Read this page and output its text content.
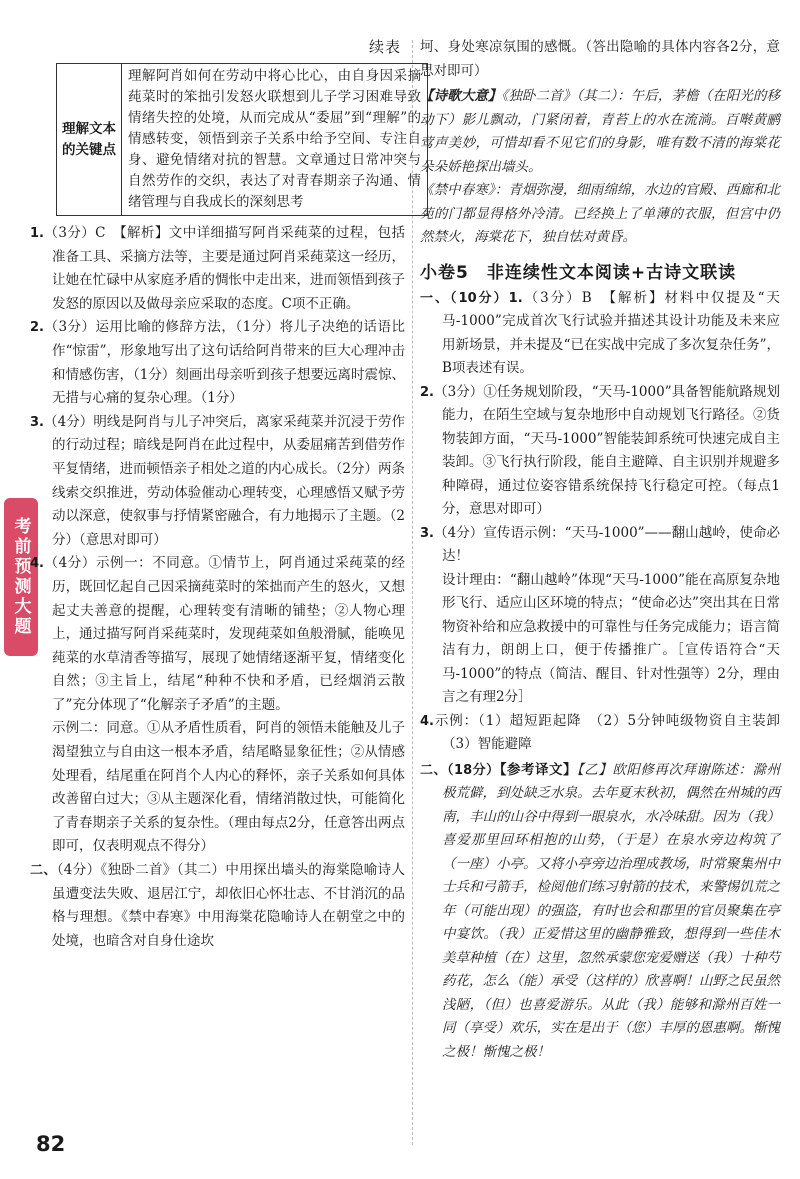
考前预测大题
续表
理解文本的关键点	理解阿肖如何在劳动中将心比心，由自身因采摘莼菜时的笨拙引发怒火联想到儿子学习困难导致情绪失控的处境，从而完成从“委屈”到“理解”的情感转变，领悟到亲子关系中给予空间、专注自身、避免情绪对抗的智慧。文章通过日常冲突与自然劳作的交织，表达了对青春期亲子沟通、情绪管理与自我成长的深刻思考

1.（3分）C　【解析】文中详细描写阿肖采莼菜的过程，包括准备工具、采摘方法等，主要是通过阿肖采莼菜这一经历，让她在忙碌中从家庭矛盾的惆怅中走出来，进而领悟到孩子发怒的原因以及做母亲应采取的态度。C项不正确。

2.（3分）运用比喻的修辞方法，（1分）将儿子决绝的话语比作“惊雷”，形象地写出了这句话给阿肖带来的巨大心理冲击和情感伤害，（1分）刻画出母亲听到孩子想要远离时震惊、无措与心痛的复杂心理。（1分）

3.（4分）明线是阿肖与儿子冲突后，离家采莼菜并沉浸于劳作的行动过程；暗线是阿肖在此过程中，从委屈痛苦到借劳作平复情绪，进而顿悟亲子相处之道的内心成长。（2分）两条线索交织推进，劳动体验催动心理转变，心理感悟又赋予劳动以深意，使叙事与抒情紧密融合，有力地揭示了主题。（2分）（意思对即可）

4.（4分）示例一：不同意。①情节上，阿肖通过采莼菜的经历，既回忆起自己因采摘莼菜时的笨拙而产生的怒火，又想起丈夫善意的提醒，心理转变有清晰的铺垫；②人物心理上，通过描写阿肖采莼菜时，发现莼菜如鱼般滑腻，能唤见莼菜的水草清香等描写，展现了她情绪逐渐平复，情绪变化自然；③主旨上，结尾“种种不快和矛盾，已经烟消云散了”充分体现了“化解亲子矛盾”的主题。

示例二：同意。①从矛盾性质看，阿肖的领悟未能触及儿子渴望独立与自由这一根本矛盾，结尾略显象征性；②从情感处理看，结尾重在阿肖个人内心的释怀，亲子关系如何具体改善留白过大；③从主题深化看，情绪消散过快，可能简化了青春期亲子关系的复杂性。（理由每点2分，任意答出两点即可，仅表明观点不得分）

二、（4分）《独卧二首》（其二）中用探出墙头的海棠隐喻诗人虽遭变法失败、退居江宁，却依旧心怀壮志、不甘消沉的品格与理想。《禁中春寒》中用海棠花隐喻诗人在朝堂之中的处境，也暗含对自身仕途坎

坷、身处寒凉氛围的感慨。（答出隐喻的具体内容各2分，意思对即可）

【诗歌大意】《独卧二首》（其二）：午后，茅檐（在阳光的移动下）影儿飘动，门紧闭着，青苔上的水在流淌。百啭黄鹂莺声美妙，可惜却看不见它们的身影，唯有数不清的海棠花朵朵娇艳探出墙头。

《禁中春寒》：青烟弥漫，细雨绵绵，水边的官殿、西廊和北苑的门都显得格外冷清。已经换上了单薄的衣服，但宫中仍然禁火，海棠花下，独自怯对黄昏。

小卷5　非连续性文本阅读+古诗文联读

一、（10分）1.（3分）B　【解析】材料中仅提及“天马-1000”完成首次飞行试验并描述其设计功能及未来应用新场景，并未提及“已在实战中完成了多次复杂任务”，B项表述有误。

2.（3分）①任务规划阶段，“天马-1000”具备智能航路规划能力，在陌生空域与复杂地形中自动规划飞行路径。②货物装卸方面，“天马-1000”智能装卸系统可快速完成自主装卸。③飞行执行阶段，能自主避障、自主识别并规避多种障碍，通过位姿容错系统保持飞行稳定可控。（每点1分，意思对即可）

3.（4分）宣传语示例：“天马-1000”——翻山越岭，使命必达！

设计理由：“翻山越岭”体现“天马-1000”能在高原复杂地形飞行、适应山区环境的特点；“使命必达”突出其在日常物资补给和应急救援中的可靠性与任务完成能力；语言简洁有力，朗朗上口，便于传播推广。［宣传语符合“天马-1000”的特点（简洁、醒目、针对性强等）2分，理由言之有理2分］

4.示例：（1）超短距起降　（2）5分钟吨级物资自主装卸　（3）智能避障

二、（18分）【参考译文】【乙】欧阳修再次拜谢陈述：滁州极荒僻，到处缺乏水泉。去年夏末秋初，偶然在州城的西南，丰山的山谷中得到一眼泉水，水冷味甜。因为（我）喜爱那里回环相抱的山势，（于是）在泉水旁边构筑了（一座）小亭。又将小亭旁边治理成教场，时常聚集州中士兵和弓箭手，检阅他们练习射箭的技术，来警惕饥荒之年（可能出现）的强盗，有时也会和郡里的官员聚集在亭中宴饮。（我）正爱惜这里的幽静雅致，想得到一些佳木美草种植（在）这里，忽然承蒙您宠爱赠送（我）十种芍药花，怎么（能）承受（这样的）欣喜啊！山野之民虽然浅陋，（但）也喜爱游乐。从此（我）能够和滁州百姓一同（享受）欢乐，实在是出于（您）丰厚的恩惠啊。惭愧之极！惭愧之极！

82
